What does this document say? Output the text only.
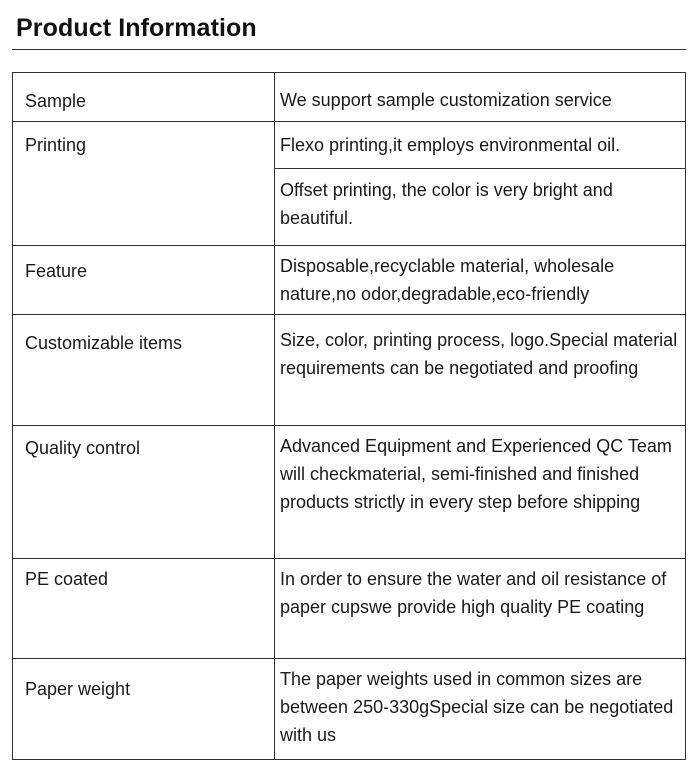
Product Information
Sample	We support sample customization service
Printing	Flexo printing,it employs environmental oil.
	Offset printing, the color is very bright and beautiful.
Feature	Disposable,recyclable material, wholesale nature,no odor,degradable,eco-friendly
Customizable items	Size, color, printing process, logo.Special material requirements can be negotiated and proofing
Quality control	Advanced Equipment and Experienced QC Team will checkmaterial, semi-finished and finished products strictly in every step before shipping
PE coated	In order to ensure the water and oil resistance of paper cupswe provide high quality PE coating
Paper weight	The paper weights used in common sizes are between 250-330gSpecial size can be negotiated with us
